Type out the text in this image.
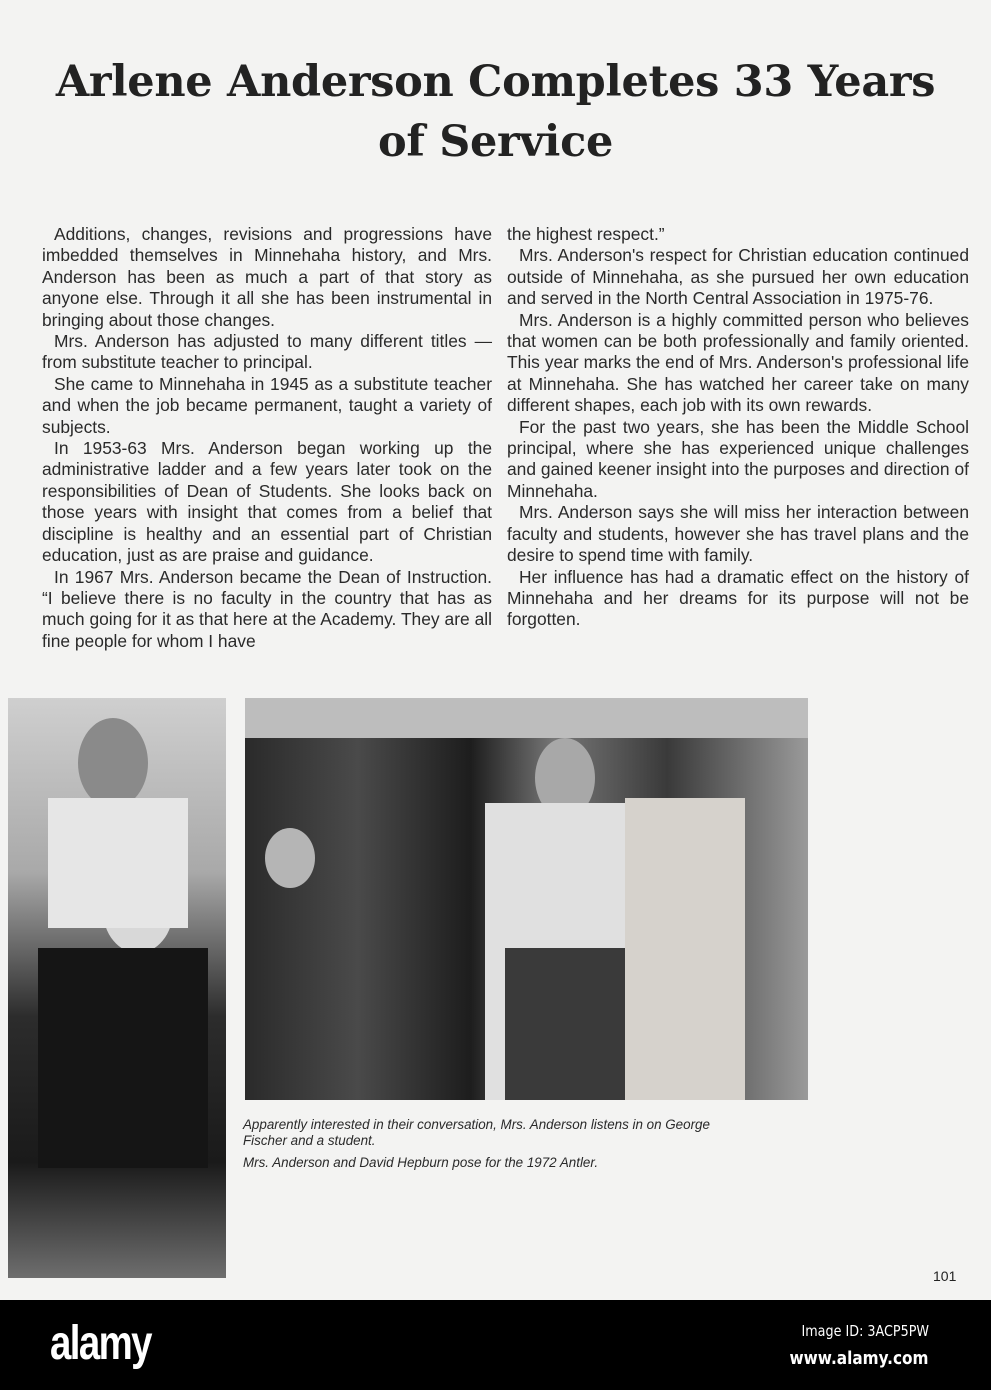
Arlene Anderson Completes 33 Years of Service

Additions, changes, revisions and progressions have imbedded themselves in Minnehaha history, and Mrs. Anderson has been as much a part of that story as anyone else. Through it all she has been instrumental in bringing about those changes.

Mrs. Anderson has adjusted to many different titles — from substitute teacher to principal.

She came to Minnehaha in 1945 as a substitute teacher and when the job became permanent, taught a variety of subjects.

In 1953-63 Mrs. Anderson began working up the administrative ladder and a few years later took on the responsibilities of Dean of Students. She looks back on those years with insight that comes from a belief that discipline is healthy and an essential part of Christian education, just as are praise and guidance.

In 1967 Mrs. Anderson became the Dean of Instruction. “I believe there is no faculty in the country that has as much going for it as that here at the Academy. They are all fine people for whom I have

the highest respect.”

Mrs. Anderson's respect for Christian education continued outside of Minnehaha, as she pursued her own education and served in the North Central Association in 1975-76.

Mrs. Anderson is a highly committed person who believes that women can be both professionally and family oriented. This year marks the end of Mrs. Anderson's professional life at Minnehaha. She has watched her career take on many different shapes, each job with its own rewards.

For the past two years, she has been the Middle School principal, where she has experienced unique challenges and gained keener insight into the purposes and direction of Minnehaha.

Mrs. Anderson says she will miss her interaction between faculty and students, however she has travel plans and the desire to spend time with family.

Her influence has had a dramatic effect on the history of Minnehaha and her dreams for its purpose will not be forgotten.

Apparently interested in their conversation, Mrs. Anderson listens in on George Fischer and a student.
Mrs. Anderson and David Hepburn pose for the 1972 Antler.
101
alamy	Image ID: 3ACP5PW
www.alamy.com
